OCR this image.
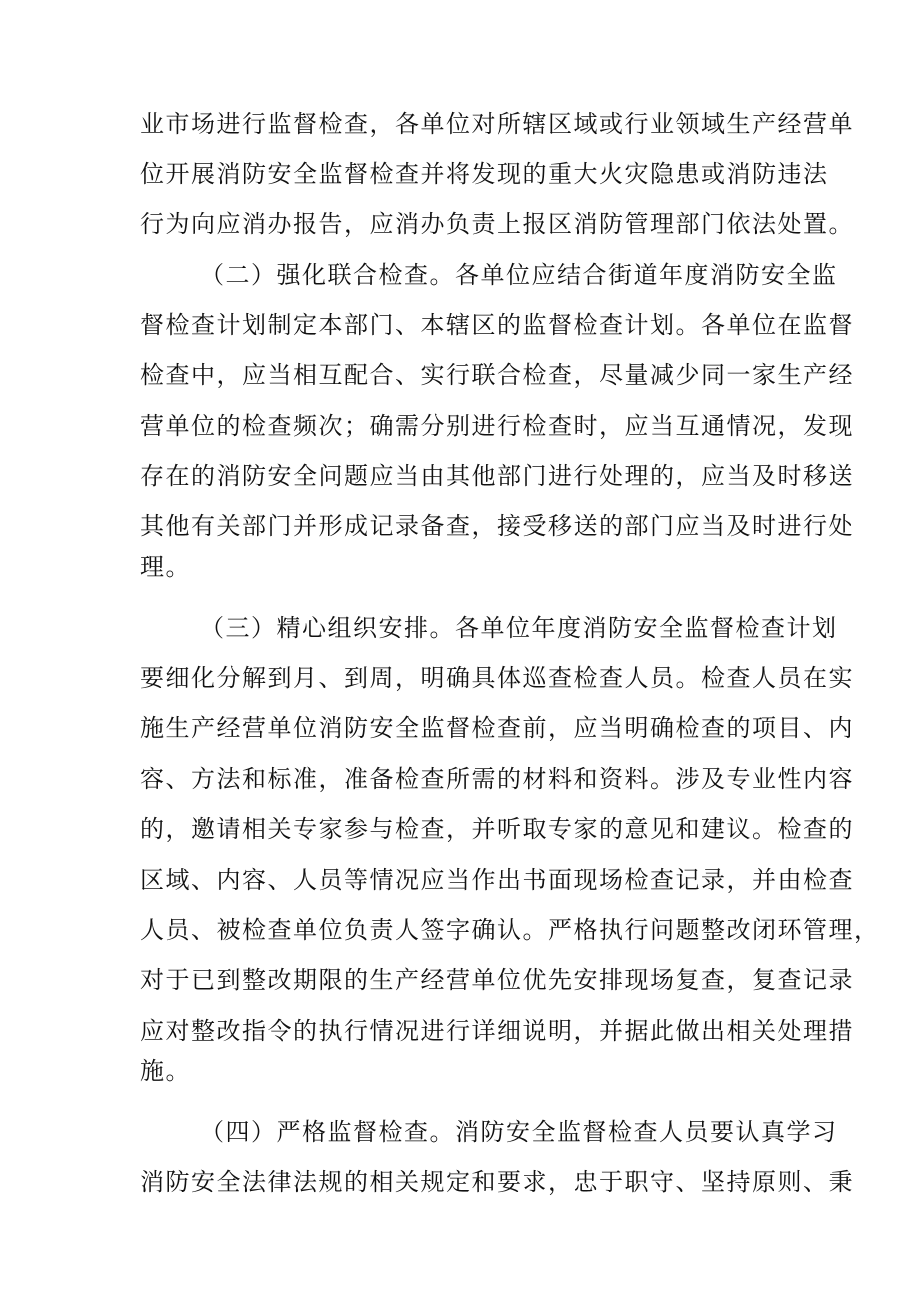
业市场进行监督检查，各单位对所辖区域或行业领域生产经营单
位开展消防安全监督检查并将发现的重大火灾隐患或消防违法
行为向应消办报告，应消办负责上报区消防管理部门依法处置。
（二）强化联合检查。各单位应结合街道年度消防安全监
督检查计划制定本部门、本辖区的监督检查计划。各单位在监督
检查中，应当相互配合、实行联合检查，尽量减少同一家生产经
营单位的检查频次；确需分别进行检查时，应当互通情况，发现
存在的消防安全问题应当由其他部门进行处理的，应当及时移送
其他有关部门并形成记录备查，接受移送的部门应当及时进行处
理。
（三）精心组织安排。各单位年度消防安全监督检查计划
要细化分解到月、到周，明确具体巡查检查人员。检查人员在实
施生产经营单位消防安全监督检查前，应当明确检查的项目、内
容、方法和标准，准备检查所需的材料和资料。涉及专业性内容
的，邀请相关专家参与检查，并听取专家的意见和建议。检查的
区域、内容、人员等情况应当作出书面现场检查记录，并由检查
人员、被检查单位负责人签字确认。严格执行问题整改闭环管理，
对于已到整改期限的生产经营单位优先安排现场复查，复查记录
应对整改指令的执行情况进行详细说明，并据此做出相关处理措
施。
（四）严格监督检查。消防安全监督检查人员要认真学习
消防安全法律法规的相关规定和要求，忠于职守、坚持原则、秉
